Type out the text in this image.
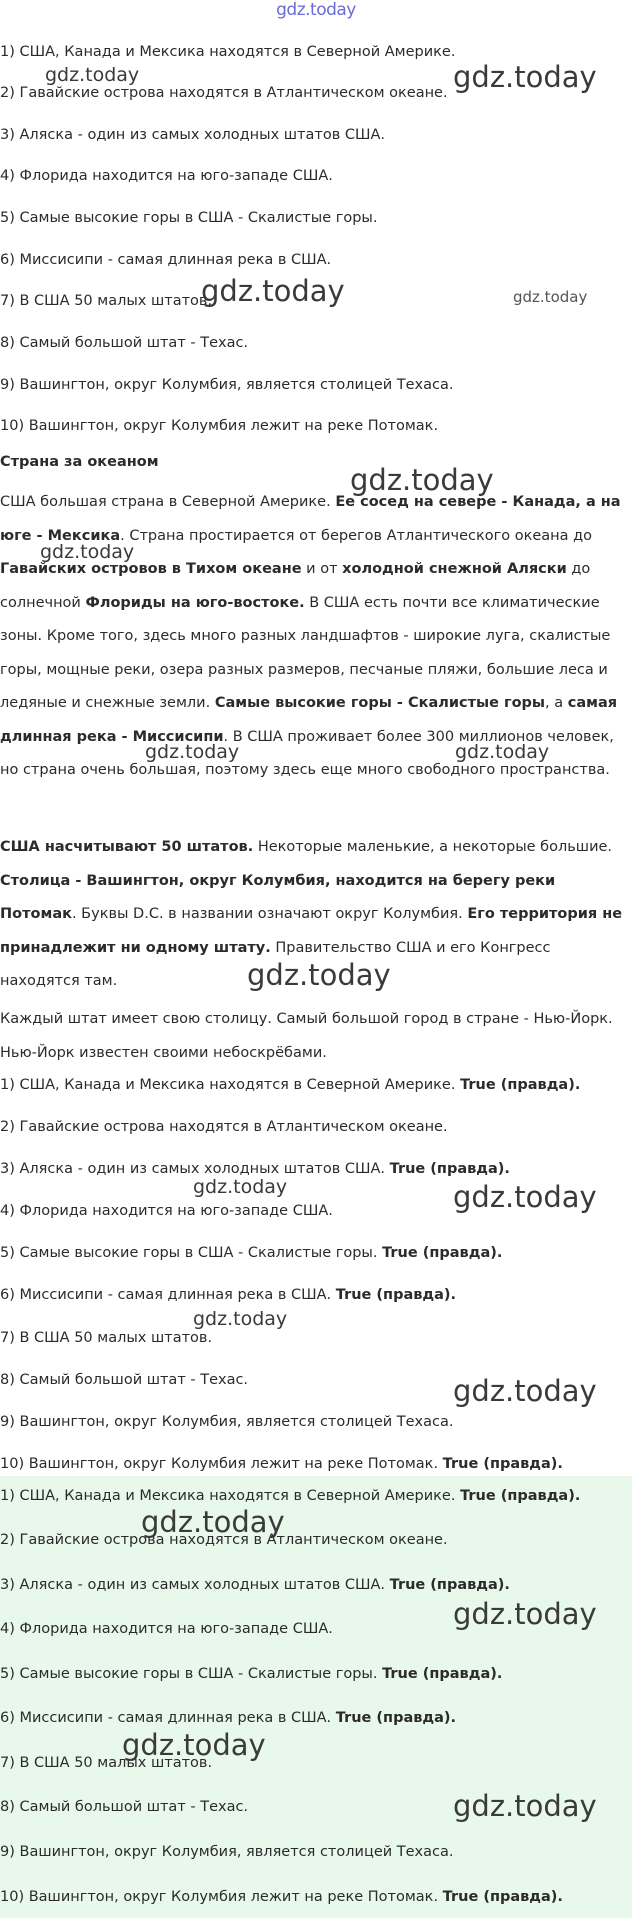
gdz.today
1) США, Канада и Мексика находятся в Северной Америке.
2) Гавайские острова находятся в Атлантическом океане.
3) Аляска - один из самых холодных штатов США.
4) Флорида находится на юго-западе США.
5) Самые высокие горы в США - Скалистые горы.
6) Миссисипи - самая длинная река в США.
7) В США 50 малых штатов.
8) Самый большой штат - Техас.
9) Вашингтон, округ Колумбия, является столицей Техаса.
10) Вашингтон, округ Колумбия лежит на реке Потомак.
Страна за океаном
США большая страна в Северной Америке. Ее сосед на севере - Канада, а на юге - Мексика. Страна простирается от берегов Атлантического океана до Гавайских островов в Тихом океане и от холодной снежной Аляски до солнечной Флориды на юго-востоке. В США есть почти все климатические зоны. Кроме того, здесь много разных ландшафтов - широкие луга, скалистые горы, мощные реки, озера разных размеров, песчаные пляжи, большие леса и ледяные и снежные земли. Самые высокие горы - Скалистые горы, а самая длинная река - Миссисипи. В США проживает более 300 миллионов человек, но страна очень большая, поэтому здесь еще много свободного пространства.
США насчитывают 50 штатов. Некоторые маленькие, а некоторые большие. Столица - Вашингтон, округ Колумбия, находится на берегу реки Потомак. Буквы D.C. в названии означают округ Колумбия. Его территория не принадлежит ни одному штату. Правительство США и его Конгресс находятся там.
Каждый штат имеет свою столицу. Самый большой город в стране - Нью-Йорк. Нью-Йорк известен своими небоскрёбами.
1) США, Канада и Мексика находятся в Северной Америке. True (правда).
2) Гавайские острова находятся в Атлантическом океане.
3) Аляска - один из самых холодных штатов США. True (правда).
4) Флорида находится на юго-западе США.
5) Самые высокие горы в США - Скалистые горы. True (правда).
6) Миссисипи - самая длинная река в США. True (правда).
7) В США 50 малых штатов.
8) Самый большой штат - Техас.
9) Вашингтон, округ Колумбия, является столицей Техаса.
10) Вашингтон, округ Колумбия лежит на реке Потомак. True (правда).
1) США, Канада и Мексика находятся в Северной Америке. True (правда).
2) Гавайские острова находятся в Атлантическом океане.
3) Аляска - один из самых холодных штатов США. True (правда).
4) Флорида находится на юго-западе США.
5) Самые высокие горы в США - Скалистые горы. True (правда).
6) Миссисипи - самая длинная река в США. True (правда).
7) В США 50 малых штатов.
8) Самый большой штат - Техас.
9) Вашингтон, округ Колумбия, является столицей Техаса.
10) Вашингтон, округ Колумбия лежит на реке Потомак. True (правда).
gdz.today	gdz.today
gdz.today	gdz.today
gdz.today
gdz.today
gdz.today	gdz.today
gdz.today
gdz.today	gdz.today
gdz.today
gdz.today
gdz.today
gdz.today
gdz.today
gdz.today
